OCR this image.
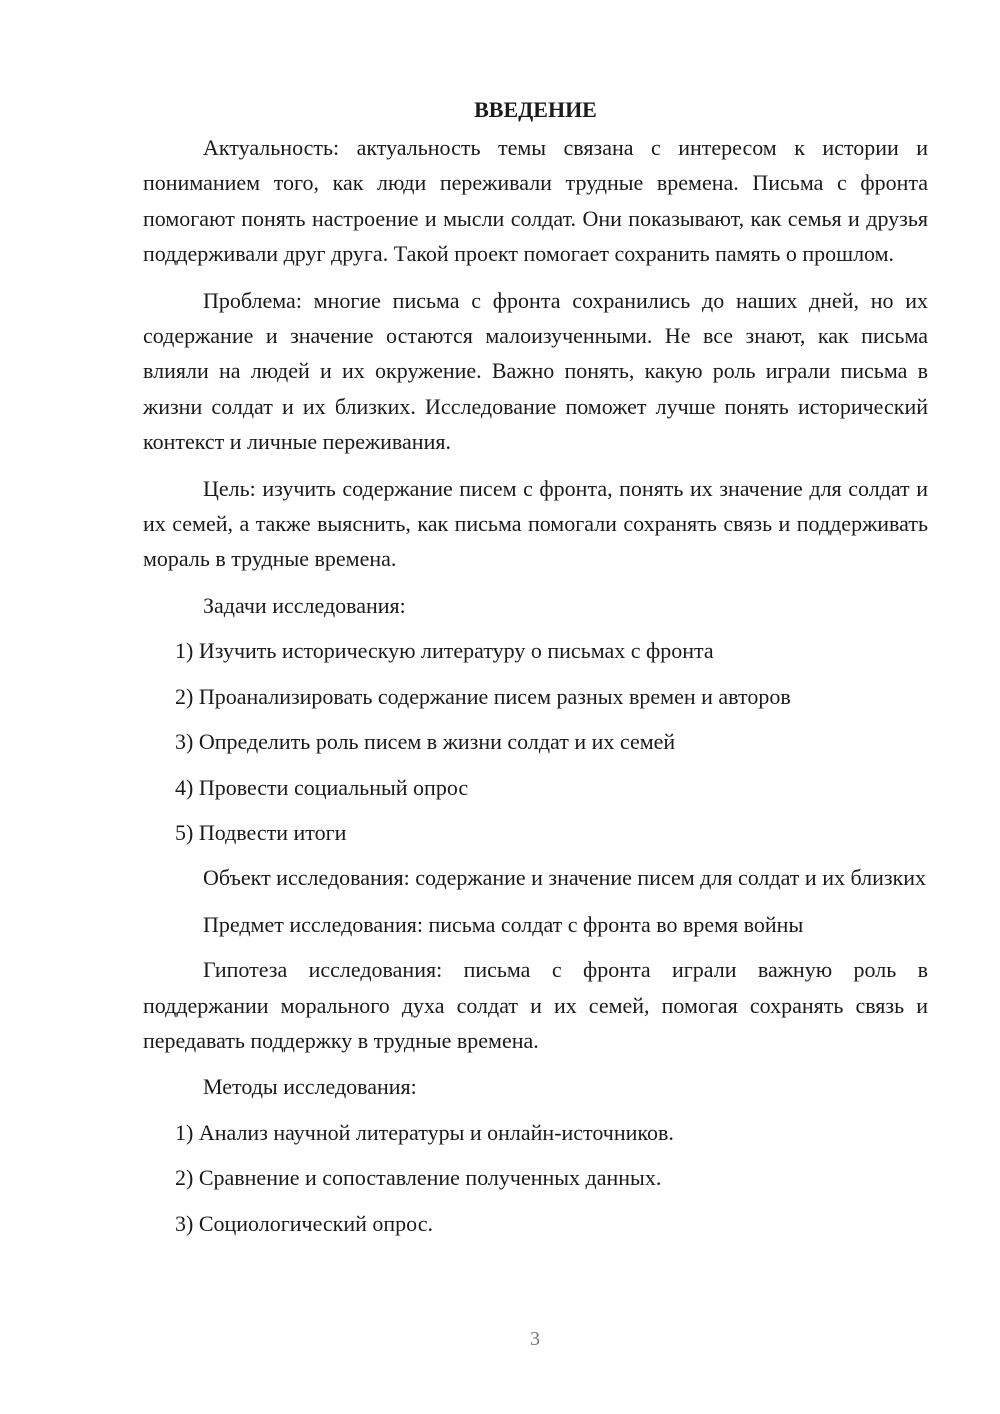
ВВЕДЕНИЕ

Актуальность: актуальность темы связана с интересом к истории и пониманием того, как люди переживали трудные времена. Письма с фронта помогают понять настроение и мысли солдат. Они показывают, как семья и друзья поддерживали друг друга. Такой проект помогает сохранить память о прошлом.

Проблема: многие письма с фронта сохранились до наших дней, но их содержание и значение остаются малоизученными. Не все знают, как письма влияли на людей и их окружение. Важно понять, какую роль играли письма в жизни солдат и их близких. Исследование поможет лучше понять исторический контекст и личные переживания.

Цель: изучить содержание писем с фронта, понять их значение для солдат и их семей, а также выяснить, как письма помогали сохранять связь и поддерживать мораль в трудные времена.

Задачи исследования:

1) Изучить историческую литературу о письмах с фронта

2) Проанализировать содержание писем разных времен и авторов

3) Определить роль писем в жизни солдат и их семей

4) Провести социальный опрос

5) Подвести итоги

Объект исследования: содержание и значение писем для солдат и их близких

Предмет исследования: письма солдат с фронта во время войны

Гипотеза исследования: письма с фронта играли важную роль в поддержании морального духа солдат и их семей, помогая сохранять связь и передавать поддержку в трудные времена.

Методы исследования:

1) Анализ научной литературы и онлайн-источников.

2) Сравнение и сопоставление полученных данных.

3) Социологический опрос.

3
